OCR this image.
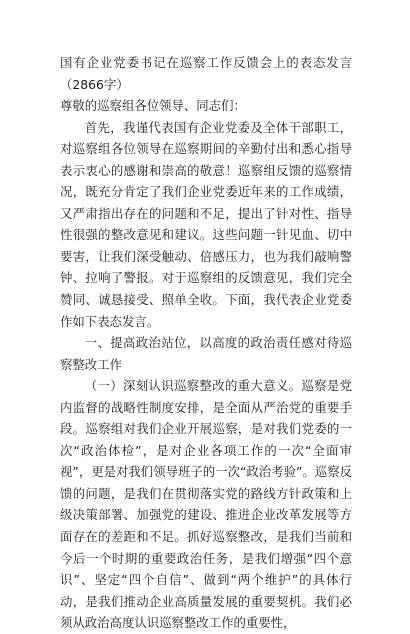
国有企业党委书记在巡察工作反馈会上的表态发言（2866字）

尊敬的巡察组各位领导、同志们：

首先，我谨代表国有企业党委及全体干部职工，对巡察组各位领导在巡察期间的辛勤付出和悉心指导表示衷心的感谢和崇高的敬意！巡察组反馈的巡察情况，既充分肯定了我们企业党委近年来的工作成绩，又严肃指出存在的问题和不足，提出了针对性、指导性很强的整改意见和建议。这些问题一针见血、切中要害，让我们深受触动、倍感压力，也为我们敲响警钟、拉响了警报。对于巡察组的反馈意见，我们完全赞同、诚恳接受、照单全收。下面，我代表企业党委作如下表态发言。

一、提高政治站位，以高度的政治责任感对待巡察整改工作

（一）深刻认识巡察整改的重大意义。巡察是党内监督的战略性制度安排，是全面从严治党的重要手段。巡察组对我们企业开展巡察，是对我们党委的一次“政治体检”，是对企业各项工作的一次“全面审视”，更是对我们领导班子的一次“政治考验”。巡察反馈的问题，是我们在贯彻落实党的路线方针政策和上级决策部署、加强党的建设、推进企业改革发展等方面存在的差距和不足。抓好巡察整改，是我们当前和今后一个时期的重要政治任务，是我们增强“四个意识”、坚定“四个自信”、做到“两个维护”的具体行动，是我们推动企业高质量发展的重要契机。我们必须从政治高度认识巡察整改工作的重要性，
